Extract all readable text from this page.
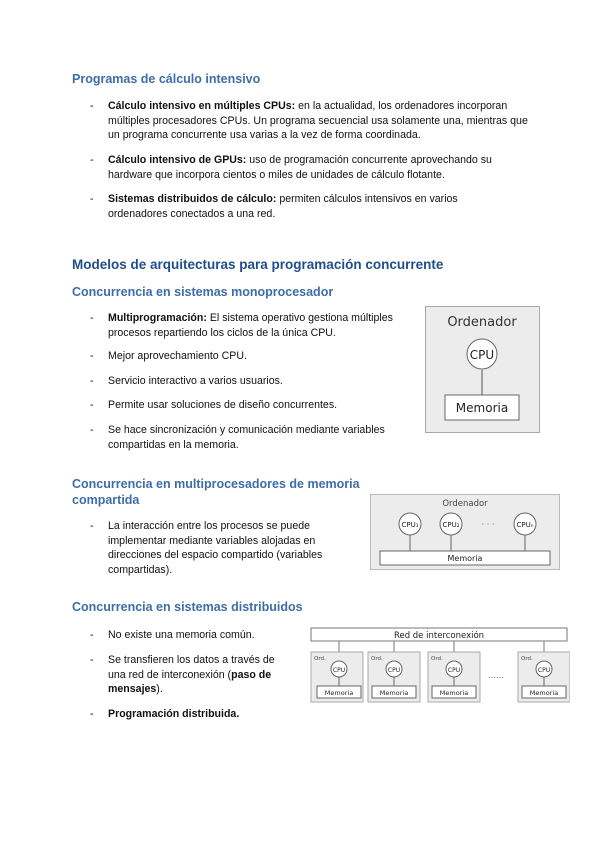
Programas de cálculo intensivo

- Cálculo intensivo en múltiples CPUs: en la actualidad, los ordenadores incorporan múltiples procesadores CPUs. Un programa secuencial usa solamente una, mientras que un programa concurrente usa varias a la vez de forma coordinada.
- Cálculo intensivo de GPUs: uso de programación concurrente aprovechando su hardware que incorpora cientos o miles de unidades de cálculo flotante.
- Sistemas distribuidos de cálculo: permiten cálculos intensivos en varios ordenadores conectados a una red.

Modelos de arquitecturas para programación concurrente

Concurrencia en sistemas monoprocesador

- Multiprogramación: El sistema operativo gestiona múltiples procesos repartiendo los ciclos de la única CPU.
- Mejor aprovechamiento CPU.
- Servicio interactivo a varios usuarios.
- Permite usar soluciones de diseño concurrentes.
- Se hace sincronización y comunicación mediante variables compartidas en la memoria.
Ordenador
CPU
Memoria

Concurrencia en multiprocesadores de memoria
compartida

- La interacción entre los procesos se puede implementar mediante variables alojadas en direcciones del espacio compartido (variables compartidas).
Ordenador
CPU₁	CPU₂	· · ·	CPUₙ
Memoria

Concurrencia en sistemas distribuidos

- No existe una memoria común.
- Se transfieren los datos a través de una red de interconexión (paso de mensajes).
- Programación distribuida.
Red de interconexión
Ord.
CPU
Memoria
Ord.
CPU
Memoria
Ord.
CPU
Memoria
......
Ord.
CPU
Memoria
